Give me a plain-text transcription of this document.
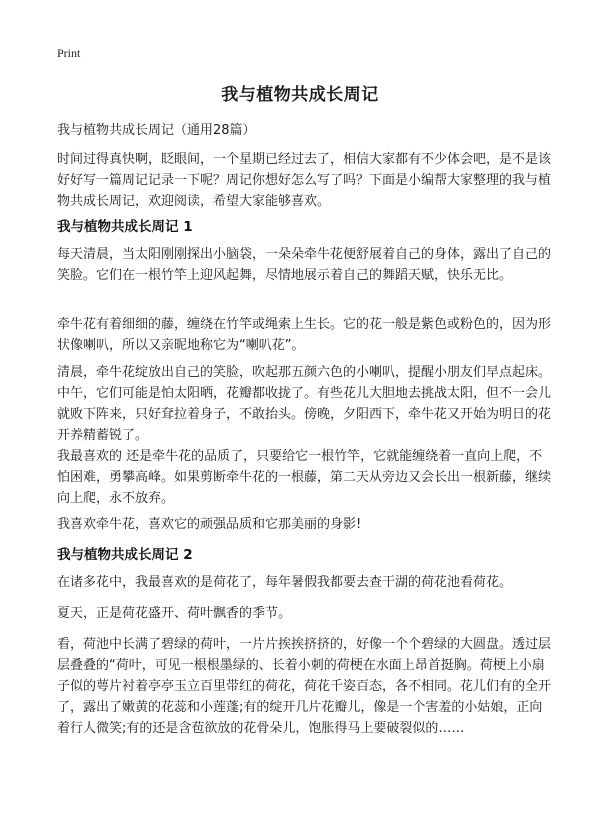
Print
我与植物共成长周记

我与植物共成长周记（通用28篇）

时间过得真快啊，眨眼间，一个星期已经过去了，相信大家都有不少体会吧，是不是该好好写一篇周记记录一下呢？周记你想好怎么写了吗？下面是小编帮大家整理的我与植物共成长周记，欢迎阅读，希望大家能够喜欢。

我与植物共成长周记 1

每天清晨，当太阳刚刚探出小脑袋，一朵朵牵牛花便舒展着自己的身体，露出了自己的笑脸。它们在一根竹竿上迎风起舞，尽情地展示着自己的舞蹈天赋，快乐无比。

牵牛花有着细细的藤，缠绕在竹竿或绳索上生长。它的花一般是紫色或粉色的，因为形状像喇叭，所以又亲昵地称它为“喇叭花”。

清晨，牵牛花绽放出自己的笑脸，吹起那五颜六色的小喇叭，提醒小朋友们早点起床。中午，它们可能是怕太阳晒，花瓣都收拢了。有些花儿大胆地去挑战太阳，但不一会儿就败下阵来，只好耷拉着身子，不敢抬头。傍晚，夕阳西下，牵牛花又开始为明日的花开养精蓄锐了。

我最喜欢的 还是牵牛花的品质了，只要给它一根竹竿，它就能缠绕着一直向上爬，不怕困难，勇攀高峰。如果剪断牵牛花的一根藤，第二天从旁边又会长出一根新藤，继续向上爬，永不放弃。

我喜欢牵牛花，喜欢它的顽强品质和它那美丽的身影!

我与植物共成长周记 2

在诸多花中，我最喜欢的是荷花了，每年暑假我都要去查干湖的荷花池看荷花。

夏天，正是荷花盛开、荷叶飘香的季节。

看，荷池中长满了碧绿的荷叶，一片片挨挨挤挤的，好像一个个碧绿的大圆盘。透过层层叠叠的“荷叶，可见一根根墨绿的、长着小刺的荷梗在水面上昂首挺胸。荷梗上小扇子似的萼片衬着亭亭玉立百里带红的荷花，荷花千姿百态，各不相同。花儿们有的全开了，露出了嫩黄的花蕊和小莲蓬;有的绽开几片花瓣儿，像是一个害羞的小姑娘，正向着行人微笑;有的还是含苞欲放的花骨朵儿，饱胀得马上要破裂似的……
